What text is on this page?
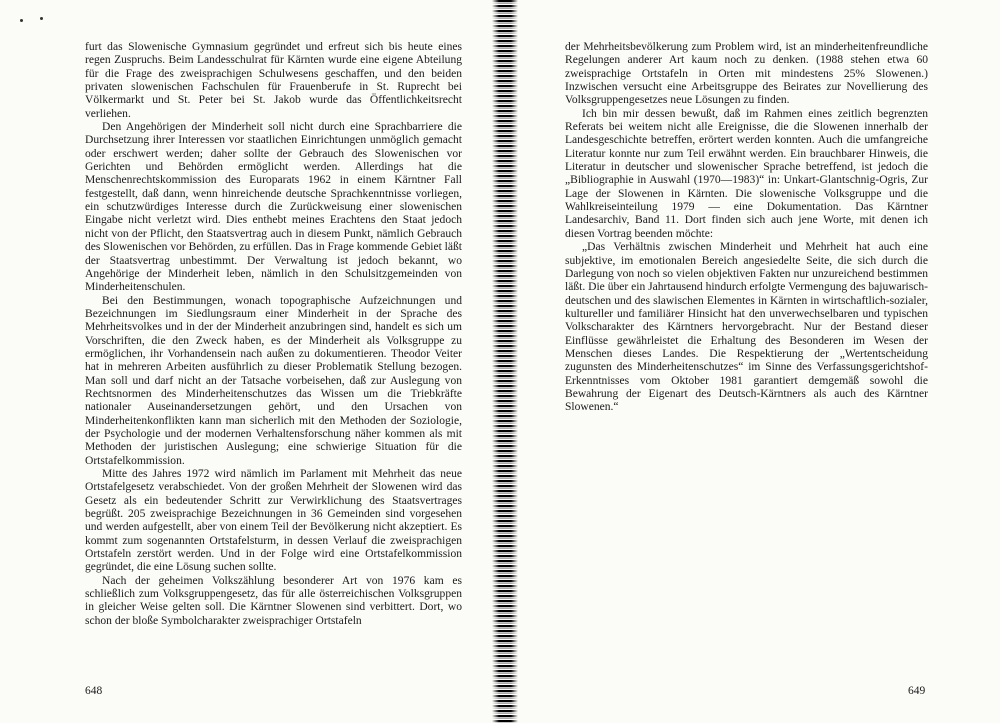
furt das Slowenische Gymnasium gegründet und erfreut sich bis heute eines regen Zuspruchs. Beim Landesschulrat für Kärnten wurde eine eigene Abteilung für die Frage des zweisprachigen Schulwesens geschaffen, und den beiden privaten slowenischen Fachschulen für Frauenberufe in St. Ruprecht bei Völkermarkt und St. Peter bei St. Jakob wurde das Öffentlichkeitsrecht verliehen.

Den Angehörigen der Minderheit soll nicht durch eine Sprachbarriere die Durchsetzung ihrer Interessen vor staatlichen Einrichtungen unmöglich gemacht oder erschwert werden; daher sollte der Gebrauch des Slowenischen vor Gerichten und Behörden ermöglicht werden. Allerdings hat die Menschenrechtskommission des Europarats 1962 in einem Kärntner Fall festgestellt, daß dann, wenn hinreichende deutsche Sprachkenntnisse vorliegen, ein schutzwürdiges Interesse durch die Zurückweisung einer slowenischen Eingabe nicht verletzt wird. Dies enthebt meines Erachtens den Staat jedoch nicht von der Pflicht, den Staatsvertrag auch in diesem Punkt, nämlich Gebrauch des Slowenischen vor Behörden, zu erfüllen. Das in Frage kommende Gebiet läßt der Staatsvertrag unbestimmt. Der Verwaltung ist jedoch bekannt, wo Angehörige der Minderheit leben, nämlich in den Schulsitzgemeinden von Minderheitenschulen.

Bei den Bestimmungen, wonach topographische Aufzeichnungen und Bezeichnungen im Siedlungsraum einer Minderheit in der Sprache des Mehrheitsvolkes und in der der Minderheit anzubringen sind, handelt es sich um Vorschriften, die den Zweck haben, es der Minderheit als Volksgruppe zu ermöglichen, ihr Vorhandensein nach außen zu dokumentieren. Theodor Veiter hat in mehreren Arbeiten ausführlich zu dieser Problematik Stellung bezogen. Man soll und darf nicht an der Tatsache vorbeisehen, daß zur Auslegung von Rechtsnormen des Minderheitenschutzes das Wissen um die Triebkräfte nationaler Auseinandersetzungen gehört, und den Ursachen von Minderheitenkonflikten kann man sicherlich mit den Methoden der Soziologie, der Psychologie und der modernen Verhaltensforschung näher kommen als mit Methoden der juristischen Auslegung; eine schwierige Situation für die Ortstafelkommission.

Mitte des Jahres 1972 wird nämlich im Parlament mit Mehrheit das neue Ortstafelgesetz verabschiedet. Von der großen Mehrheit der Slowenen wird das Gesetz als ein bedeutender Schritt zur Verwirklichung des Staatsvertrages begrüßt. 205 zweisprachige Bezeichnungen in 36 Gemeinden sind vorgesehen und werden aufgestellt, aber von einem Teil der Bevölkerung nicht akzeptiert. Es kommt zum sogenannten Ortstafelsturm, in dessen Verlauf die zweisprachigen Ortstafeln zerstört werden. Und in der Folge wird eine Ortstafelkommission gegründet, die eine Lösung suchen sollte.

Nach der geheimen Volkszählung besonderer Art von 1976 kam es schließlich zum Volksgruppengesetz, das für alle österreichischen Volksgruppen in gleicher Weise gelten soll. Die Kärntner Slowenen sind verbittert. Dort, wo schon der bloße Symbolcharakter zweisprachiger Ortstafeln

648

der Mehrheitsbevölkerung zum Problem wird, ist an minderheitenfreundliche Regelungen anderer Art kaum noch zu denken. (1988 stehen etwa 60 zweisprachige Ortstafeln in Orten mit mindestens 25% Slowenen.) Inzwischen versucht eine Arbeitsgruppe des Beirates zur Novellierung des Volksgruppengesetzes neue Lösungen zu finden.

Ich bin mir dessen bewußt, daß im Rahmen eines zeitlich begrenzten Referats bei weitem nicht alle Ereignisse, die die Slowenen innerhalb der Landesgeschichte betreffen, erörtert werden konnten. Auch die umfangreiche Literatur konnte nur zum Teil erwähnt werden. Ein brauchbarer Hinweis, die Literatur in deutscher und slowenischer Sprache betreffend, ist jedoch die „Bibliographie in Auswahl (1970—1983)“ in: Unkart-Glantschnig-Ogris, Zur Lage der Slowenen in Kärnten. Die slowenische Volksgruppe und die Wahlkreiseinteilung 1979 — eine Dokumentation. Das Kärntner Landesarchiv, Band 11. Dort finden sich auch jene Worte, mit denen ich diesen Vortrag beenden möchte:

„Das Verhältnis zwischen Minderheit und Mehrheit hat auch eine subjektive, im emotionalen Bereich angesiedelte Seite, die sich durch die Darlegung von noch so vielen objektiven Fakten nur unzureichend bestimmen läßt. Die über ein Jahrtausend hindurch erfolgte Vermengung des bajuwarisch-deutschen und des slawischen Elementes in Kärnten in wirtschaftlich-sozialer, kultureller und familiärer Hinsicht hat den unverwechselbaren und typischen Volkscharakter des Kärntners hervorgebracht. Nur der Bestand dieser Einflüsse gewährleistet die Erhaltung des Besonderen im Wesen der Menschen dieses Landes. Die Respektierung der „Wertentscheidung zugunsten des Minderheitenschutzes“ im Sinne des Verfassungsgerichtshof-Erkenntnisses vom Oktober 1981 garantiert demgemäß sowohl die Bewahrung der Eigenart des Deutsch-Kärntners als auch des Kärntner Slowenen.“

649
